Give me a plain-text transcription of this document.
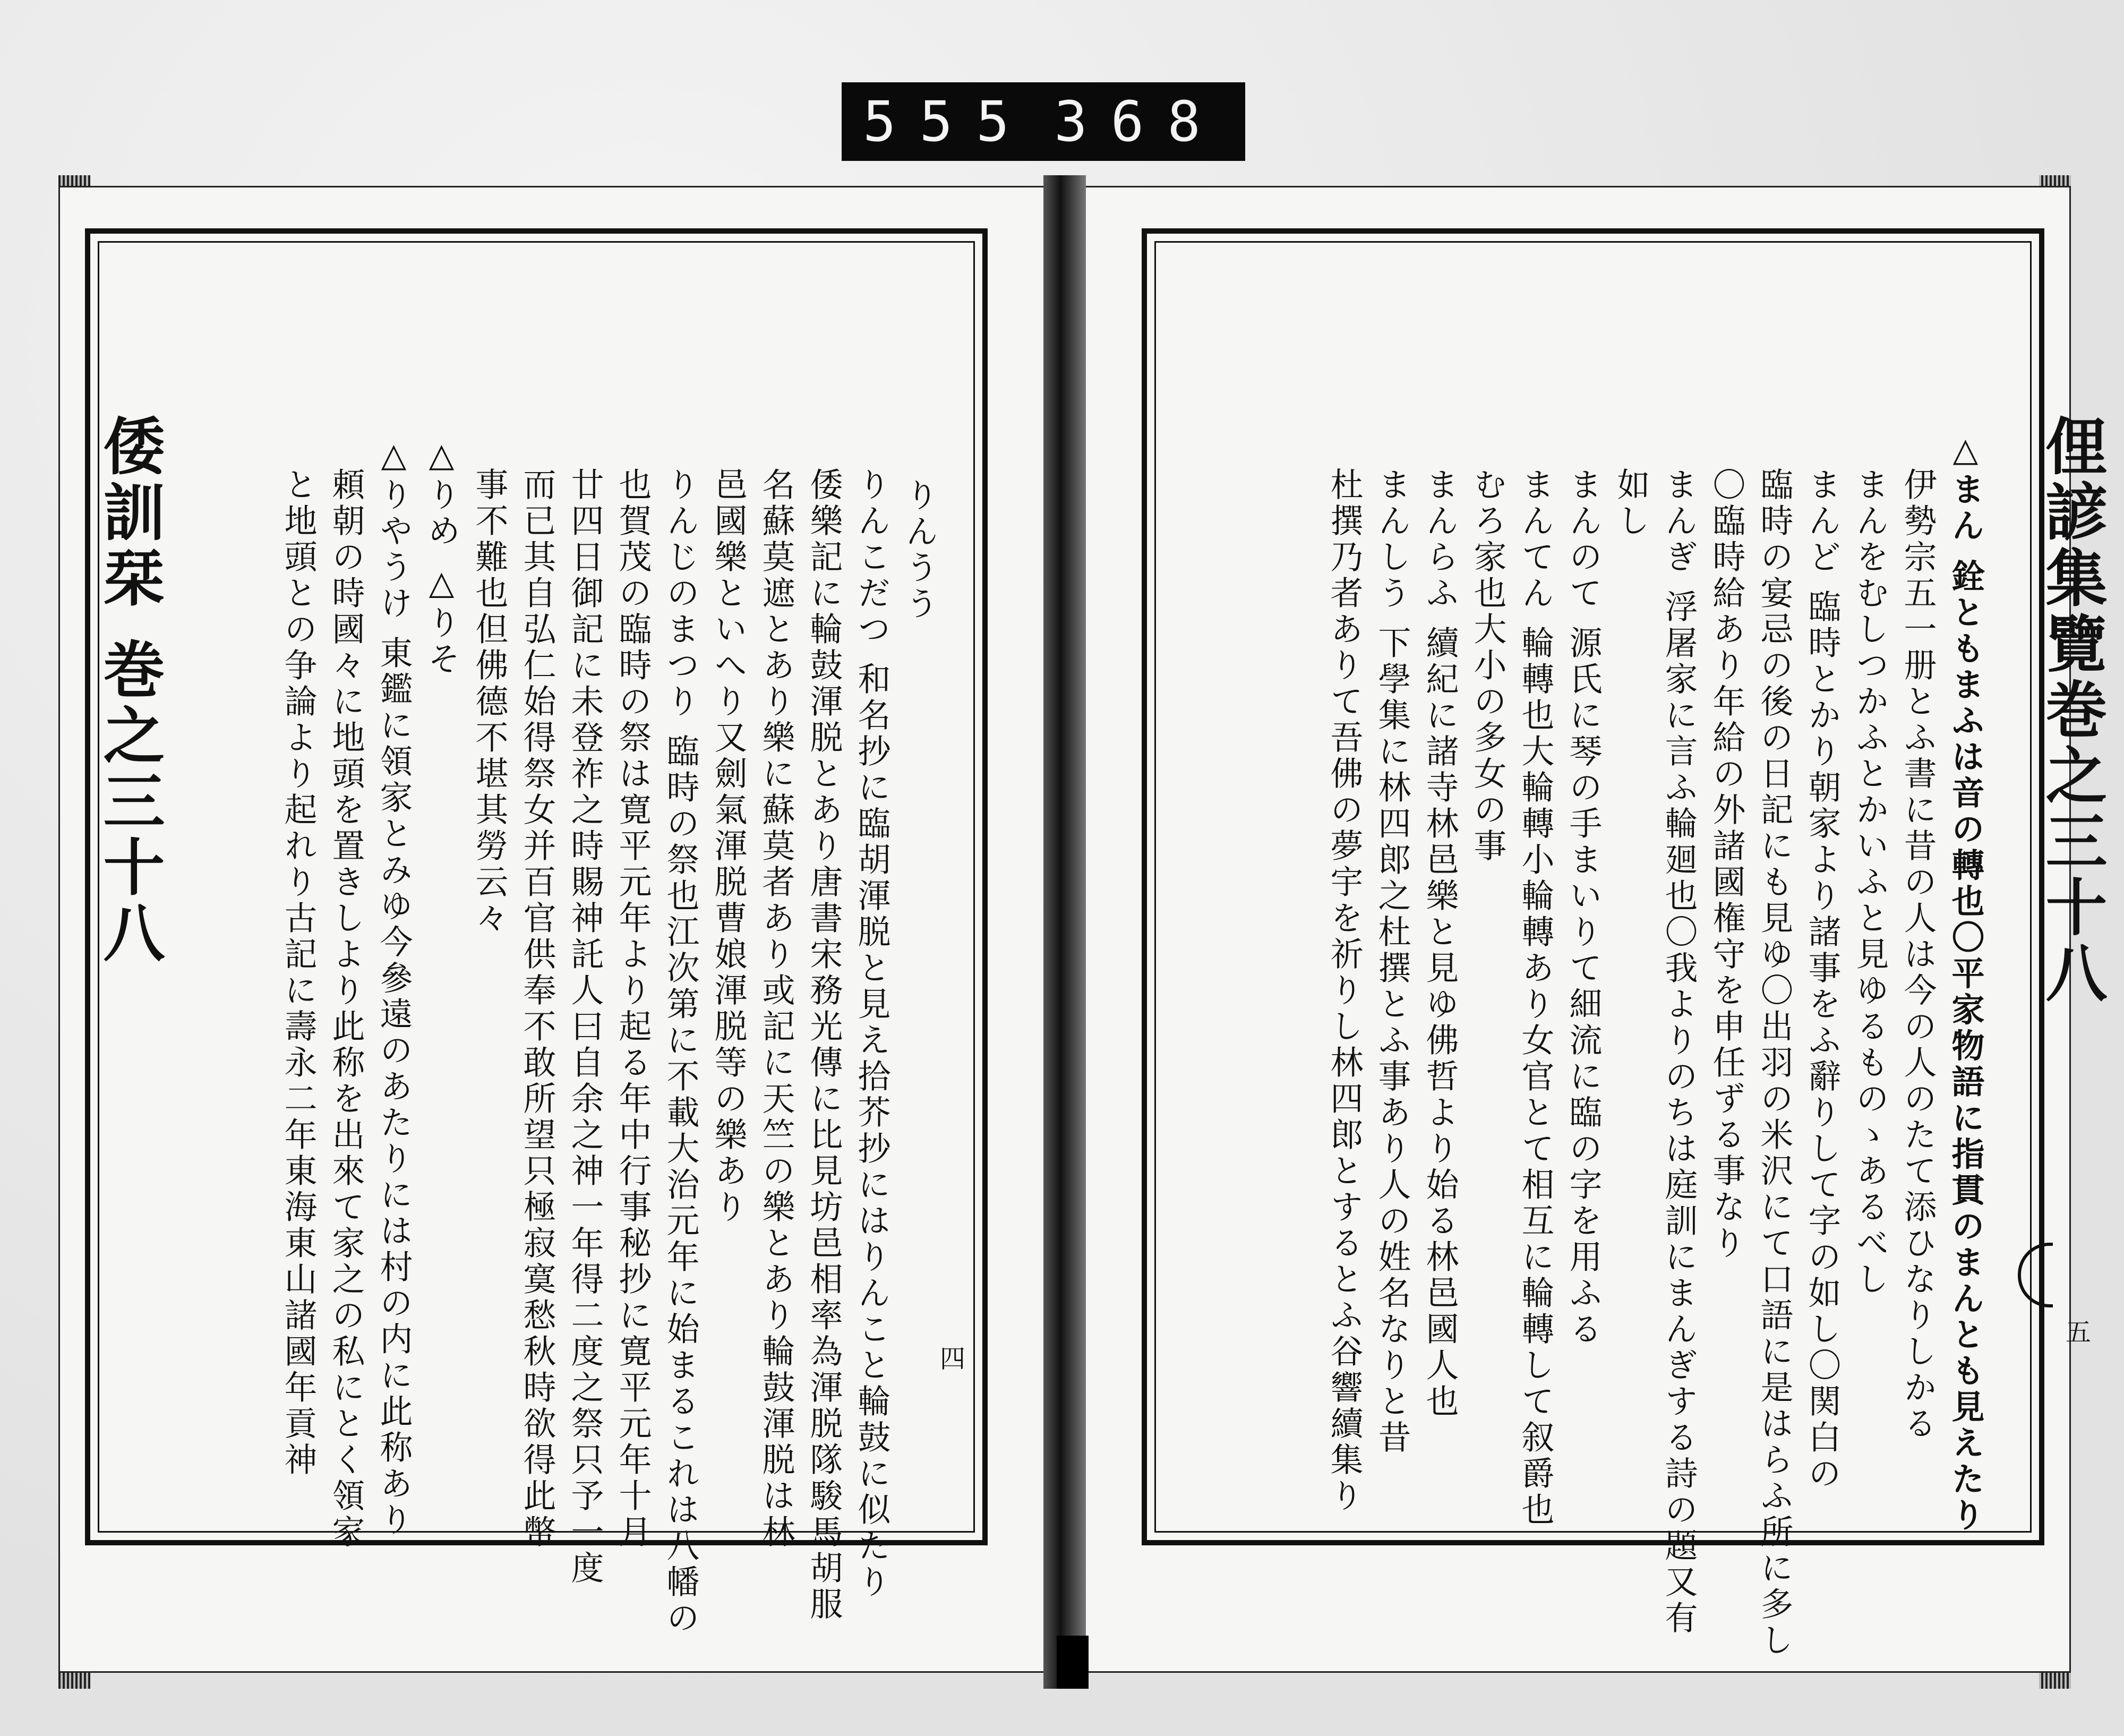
555 368
倭訓栞 巻之三十八	俚諺集覽巻之三十八
四
五
△まん 銓ともまふは音の轉也〇平家物語に指貫のまんとも見えたり
伊勢宗五一册とふ書に昔の人は今の人のたて添ひなりしかる
まんをむしつかふとかいふと見ゆるものゝあるべし
まんど 臨時とかり朝家より諸事をふ辭りして字の如し〇関白の
臨時の宴忌の後の日記にも見ゆ〇出羽の米沢にて口語に是はらふ所に多し
〇臨時給あり年給の外諸國権守を申任ずる事なり
まんぎ 浮屠家に言ふ輪廻也〇我よりのちは庭訓にまんぎする詩の題又有
如し
まんのて 源氏に琴の手まいりて細流に臨の字を用ふる
まんてん 輪轉也大輪轉小輪轉あり女官とて相互に輪轉して叙爵也
むろ家也大小の多女の事
まんらふ 續紀に諸寺林邑樂と見ゆ佛哲より始る林邑國人也
まんしう 下學集に林四郎之杜撰とふ事あり人の姓名なりと昔
杜撰乃者ありて吾佛の夢宇を祈りし林四郎とするとふ谷響續集り
りんうう
りんこだつ 和名抄に臨胡渾脱と見え拾芥抄にはりんこと輪鼓に似たり
倭樂記に輪鼓渾脱とあり唐書宋務光傳に比見坊邑相率為渾脱隊駿馬胡服
名蘇莫遮とあり樂に蘇莫者あり或記に天竺の樂とあり輪鼓渾脱は林
邑國樂といへり又劍氣渾脱曹娘渾脱等の樂あり
りんじのまつり 臨時の祭也江次第に不載大治元年に始まるこれは八幡の
也賀茂の臨時の祭は寛平元年より起る年中行事秘抄に寛平元年十月
廿四日御記に未登祚之時賜神託人曰自余之神一年得二度之祭只予一度
而已其自弘仁始得祭女并百官供奉不敢所望只極寂寞愁秋時欲得此幣
事不難也但佛德不堪其勞云々
△りめ △りそ
△りやうけ 東鑑に領家とみゆ今參遠のあたりには村の内に此称あり
頼朝の時國々に地頭を置きしより此称を出來て家之の私にとく領家
と地頭との争論より起れり古記に壽永二年東海東山諸國年貢神
